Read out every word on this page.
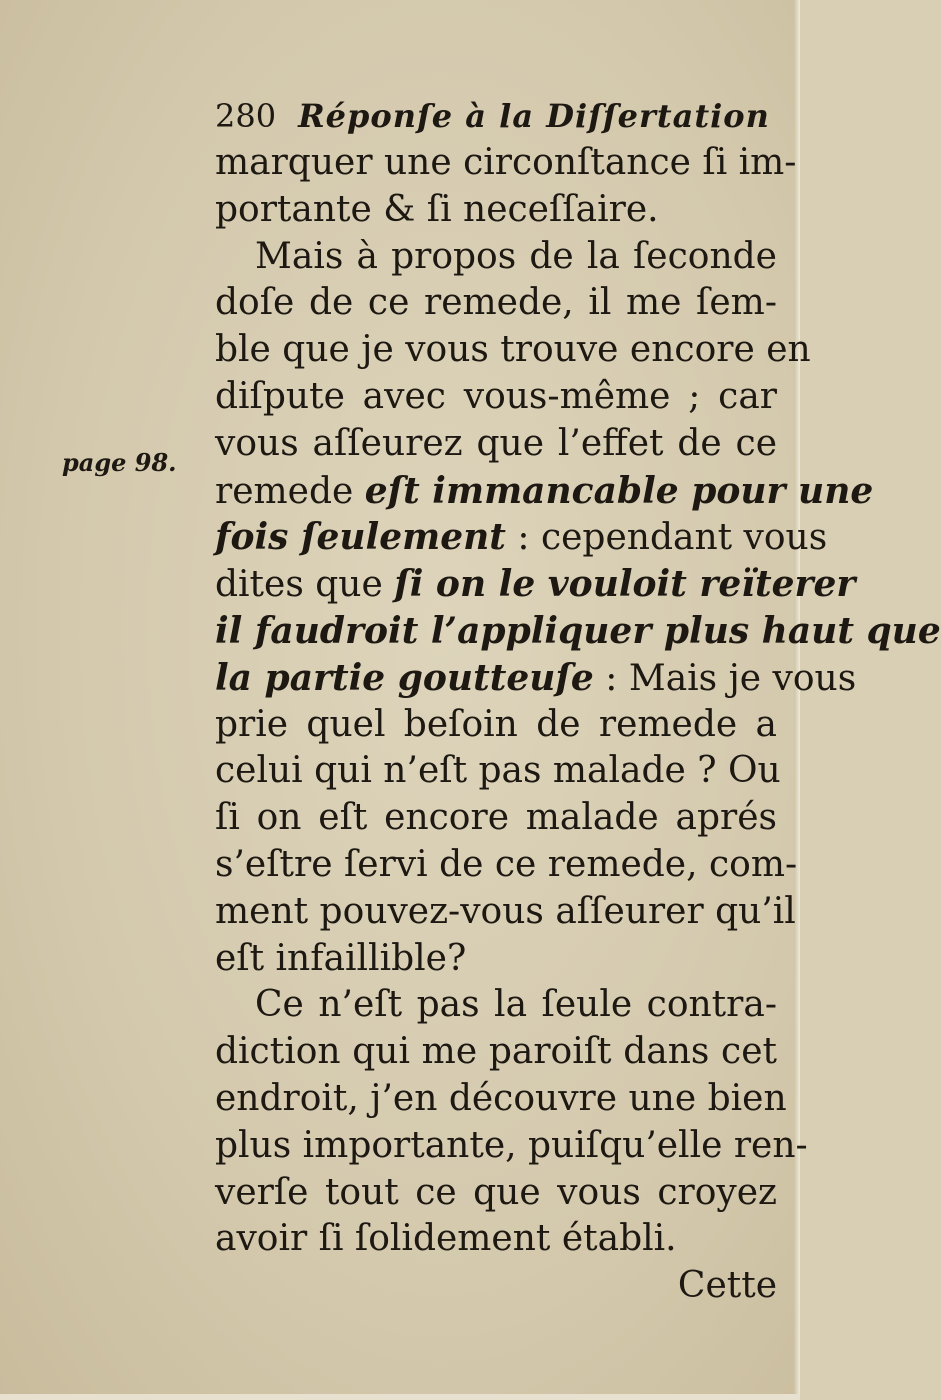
280 Réponſe à la Diſſertation
page 98.
marquer une circonſtance ſi im-
portante & ſi neceſſaire.
Mais à propos de la ſeconde
doſe de ce remede, il me ſem-
ble que je vous trouve encore en
diſpute avec vous-même ; car
vous aſſeurez que l’effet de ce
remede eſt immancable pour une
fois ſeulement : cependant vous
dites que ſi on le vouloit reïterer
il faudroit l’appliquer plus haut que
la partie goutteuſe : Mais je vous
prie quel beſoin de remede a
celui qui n’eſt pas malade ? Ou
ſi on eſt encore malade aprés
s’eſtre ſervi de ce remede, com-
ment pouvez-vous aſſeurer qu’il
eſt infaillible?
Ce n’eſt pas la ſeule contra-
diction qui me paroiſt dans cet
endroit, j’en découvre une bien
plus importante, puiſqu’elle ren-
verſe tout ce que vous croyez
avoir ſi ſolidement établi.
Cette
